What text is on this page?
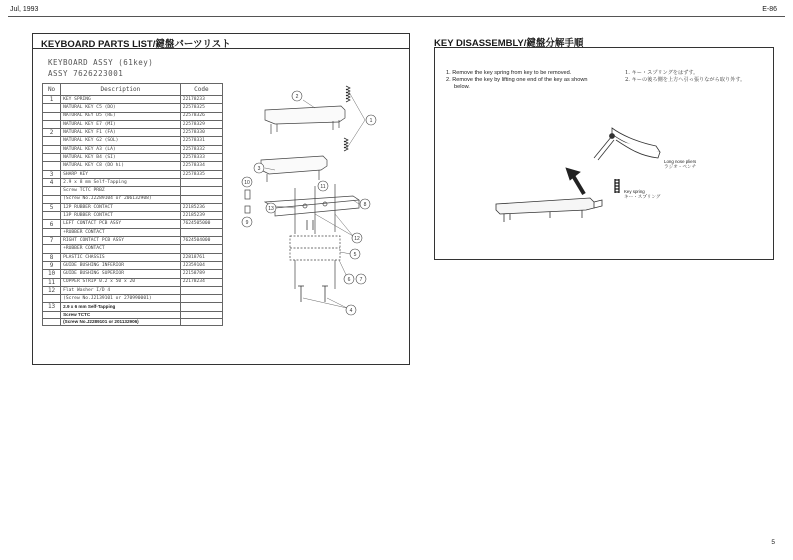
Jul, 1993	E-86
KEYBOARD PARTS LIST/鍵盤パーツリスト
KEYBOARD ASSY (61key)
ASSY 7626223001
No	Description	Code
1	KEY SPRING	22178233
	NATURAL KEY C5 (DO)	22578325
	NATURAL KEY D5 (RE)	22578326
	NATURAL KEY E7 (MI)	22578329
2	NATURAL KEY F1 (FA)	22578330
	NATURAL KEY G2 (SOL)	22578331
	NATURAL KEY A3 (LA)	22578332
	NATURAL KEY B4 (SI)	22578333
	NATURAL KEY C8 (DO hi)	22578334
3	SHARP KEY	22578335
4	2.9 x 8 mm Self-Tapping	
	Screw TCTC PRBZ	
	(Screw No.J2289104 or 206132908)	
5	12P RUBBER CONTACT	22185236
	13P RUBBER CONTACT	22185239
6	LEFT CONTACT PCB ASSY	7624505000
	+RUBBER CONTACT	
7	RIGHT CONTACT PCB ASSY	7624504000
	+RUBBER CONTACT	
8	PLASTIC CHASSIS	22818761
9	GUIDE BUSHING INFERIOR	J2359104
10	GUIDE BUSHING SUPERIOR	22158789
11	COPPER STRIP 0.2 x 50 x 20	22178234
12	Flat Washer I/D 4	
	(Screw No.J2139101 or 270990001)	
13	2.9 x 6 mm Self-Tapping	
	Screw TCTC	
	(Screw No.J2289101 or 201132906)	
2
1
3
10
11
8
9
13
12
5
6 7
4
KEY DISASSEMBLY/鍵盤分解手順
1. Remove the key spring from key to be removed.
2. Remove the key by lifting one end of the key as shown
below.
1. キー・スプリングをはずす。
2. キーの後ろ側を上方へ引っ張りながら取り外す。
Long nose pliers
ラジオ・ペンチ
Key spring
キー・スプリング
5
